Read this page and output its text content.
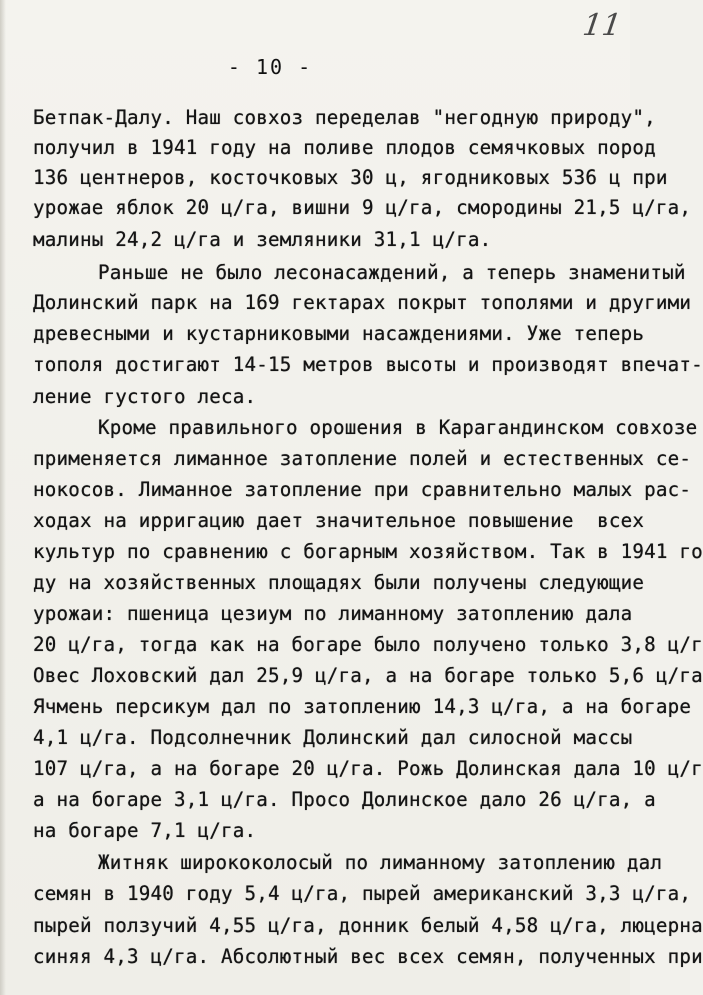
11
- 10 -
Бетпак-Далу. Наш совхоз переделав "негодную природу",
получил в 1941 году на поливе плодов семячковых пород
136 центнеров, косточковых 30 ц, ягодниковых 536 ц при
урожае яблок 20 ц/га, вишни 9 ц/га, смородины 21,5 ц/га,
малины 24,2 ц/га и земляники 31,1 ц/га.
Раньше не было лесонасаждений, а теперь знаменитый
Долинский парк на 169 гектарах покрыт тополями и другими
древесными и кустарниковыми насаждениями. Уже теперь
тополя достигают 14-15 метров высоты и производят впечат-
ление густого леса.
Кроме правильного орошения в Карагандинском совхозе
применяется лиманное затопление полей и естественных се-
нокосов. Лиманное затопление при сравнительно малых рас-
ходах на ирригацию дает значительное повышение  всех
культур по сравнению с богарным хозяйством. Так в 1941 го
ду на хозяйственных площадях были получены следующие
урожаи: пшеница цезиум по лиманному затоплению дала
20 ц/га, тогда как на богаре было получено только 3,8 ц/г
Овес Лоховский дал 25,9 ц/га, а на богаре только 5,6 ц/га
Ячмень персикум дал по затоплению 14,3 ц/га, а на богаре
4,1 ц/га. Подсолнечник Долинский дал силосной массы
107 ц/га, а на богаре 20 ц/га. Рожь Долинская дала 10 ц/г
а на богаре 3,1 ц/га. Просо Долинское дало 26 ц/га, а
на богаре 7,1 ц/га.
Житняк ширококолосый по лиманному затоплению дал
семян в 1940 году 5,4 ц/га, пырей американский 3,3 ц/га,
пырей ползучий 4,55 ц/га, донник белый 4,58 ц/га, люцерна
синяя 4,3 ц/га. Абсолютный вес всех семян, полученных при
